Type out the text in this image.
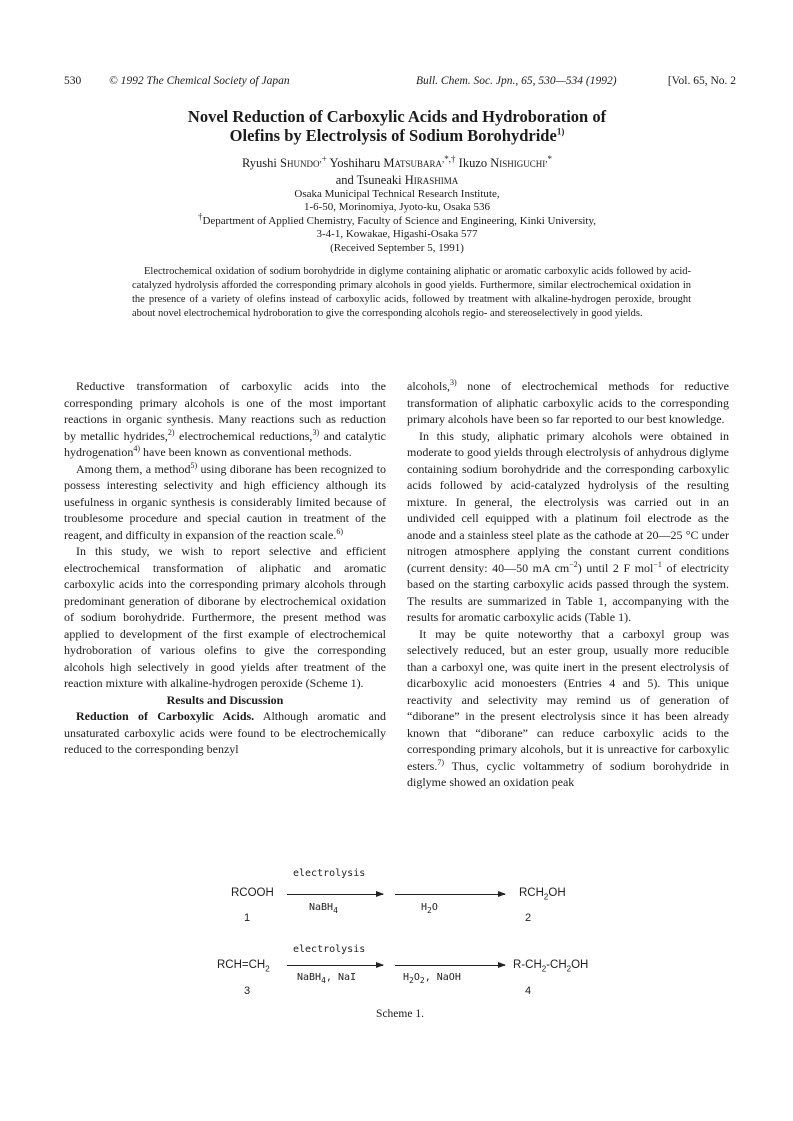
530 © 1992 The Chemical Society of Japan	Bull. Chem. Soc. Jpn., 65, 530—534 (1992)	[Vol. 65, No. 2
Novel Reduction of Carboxylic Acids and Hydroboration of
Olefins by Electrolysis of Sodium Borohydride$^{1)}$
Ryushi Shundo,+ Yoshiharu Matsubara,*,† Ikuzo Nishiguchi,*
and Tsuneaki Hirashima
Osaka Municipal Technical Research Institute,
1-6-50, Morinomiya, Jyoto-ku, Osaka 536
†Department of Applied Chemistry, Faculty of Science and Engineering, Kinki University,
3-4-1, Kowakae, Higashi-Osaka 577
(Received September 5, 1991)

Electrochemical oxidation of sodium borohydride in diglyme containing aliphatic or aromatic carboxylic acids followed by acid-catalyzed hydrolysis afforded the corresponding primary alcohols in good yields. Furthermore, similar electrochemical oxidation in the presence of a variety of olefins instead of carboxylic acids, followed by treatment with alkaline-hydrogen peroxide, brought about novel electrochemical hydroboration to give the corresponding alcohols regio- and stereoselectively in good yields.

Reductive transformation of carboxylic acids into the corresponding primary alcohols is one of the most important reactions in organic synthesis. Many reactions such as reduction by metallic hydrides,$^{2)}$ electrochemical reductions,$^{3)}$ and catalytic hydrogenation$^{4)}$ have been known as conventional methods.

Among them, a method$^{5)}$ using diborane has been recognized to possess interesting selectivity and high efficiency although its usefulness in organic synthesis is considerably limited because of troublesome procedure and special caution in treatment of the reagent, and difficulty in expansion of the reaction scale.$^{6)}$

In this study, we wish to report selective and efficient electrochemical transformation of aliphatic and aromatic carboxylic acids into the corresponding primary alcohols through predominant generation of diborane by electrochemical oxidation of sodium borohydride. Furthermore, the present method was applied to development of the first example of electrochemical hydroboration of various olefins to give the corresponding alcohols high selectively in good yields after treatment of the reaction mixture with alkaline-hydrogen peroxide (Scheme 1).

Results and Discussion

Reduction of Carboxylic Acids. Although aromatic and unsaturated carboxylic acids were found to be electrochemically reduced to the corresponding benzyl

alcohols,$^{3)}$ none of electrochemical methods for reductive transformation of aliphatic carboxylic acids to the corresponding primary alcohols have been so far reported to our best knowledge.

In this study, aliphatic primary alcohols were obtained in moderate to good yields through electrolysis of anhydrous diglyme containing sodium borohydride and the corresponding carboxylic acids followed by acid-catalyzed hydrolysis of the resulting mixture. In general, the electrolysis was carried out in an undivided cell equipped with a platinum foil electrode as the anode and a stainless steel plate as the cathode at 20—25 °C under nitrogen atmosphere applying the constant current conditions (current density: 40—50 mA $cm^{-2}$) until 2 F mol$^{-1}$ of electricity based on the starting carboxylic acids passed through the system. The results are summarized in Table 1, accompanying with the results for aromatic carboxylic acids (Table 1).

It may be quite noteworthy that a carboxyl group was selectively reduced, but an ester group, usually more reducible than a carboxyl one, was quite inert in the present electrolysis of dicarboxylic acid monoesters (Entries 4 and 5). This unique reactivity and selectivity may remind us of generation of “diborane” in the present electrolysis since it has been already known that “diborane” can reduce carboxylic acids to the corresponding primary alcohols, but it is unreactive for carboxylic esters.$^{7)}$ Thus, cyclic voltammetry of sodium borohydride in diglyme showed an oxidation peak

RCOOH
electrolysis
NaBH$_4$	$H_2O$
$RCH_2OH$
1	2
$RCH=CH_2$
electrolysis
NaBH$_4$, NaI	$H_2O_2$, NaOH
$R-CH_2-CH_2OH$
3	4
Scheme 1.
